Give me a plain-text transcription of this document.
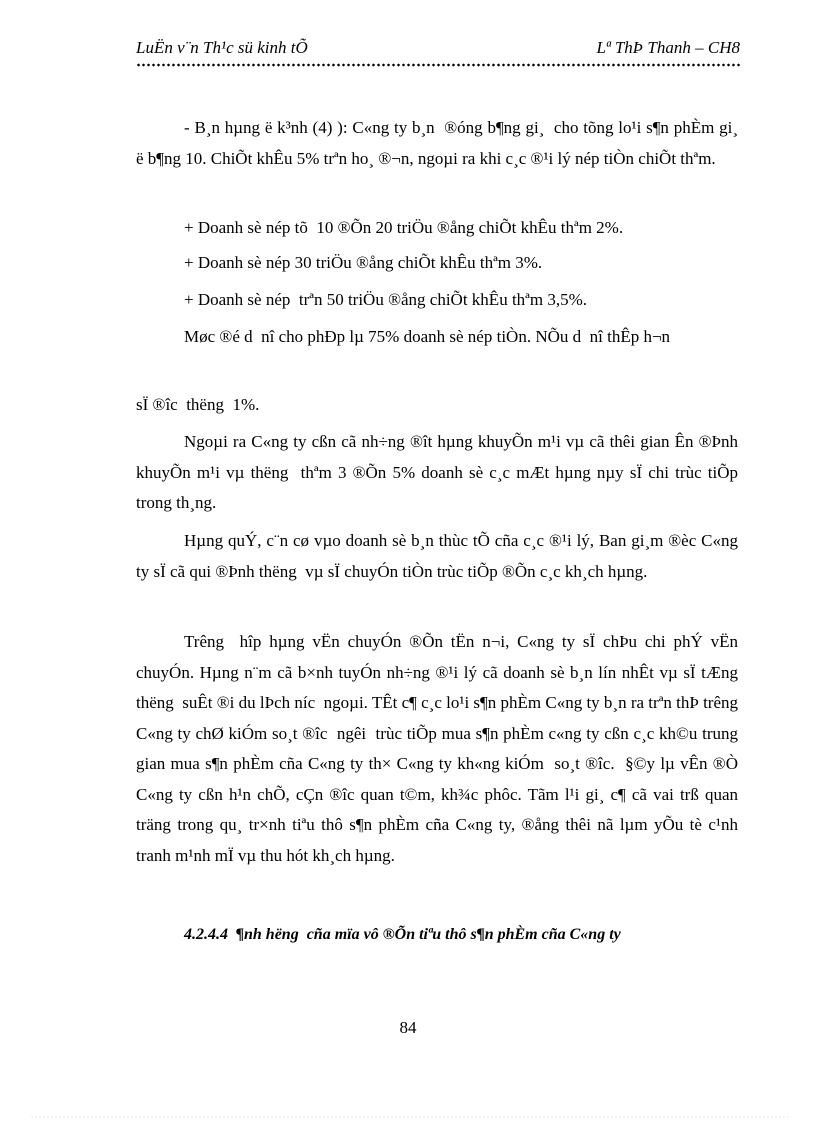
LuËn v¨n Th¹c sü kinh tÕ	Lª ThÞ Thanh – CH8

- B¸n hµng ë k³nh (4) ): C«ng ty b¸n  ®óng b¶ng gi¸  cho tõng lo¹i s¶n phÈm gi¸ ë b¶ng 10. ChiÕt khÊu 5% trªn ho¸ ®¬n, ngoµi ra khi c¸c ®¹i lý nép tiÒn chiÕt thªm.

+ Doanh sè nép tõ  10 ®Õn 20 triÖu ®ång chiÕt khÊu thªm 2%.

+ Doanh sè nép 30 triÖu ®ång chiÕt khÊu thªm 3%.

+ Doanh sè nép  trªn 50 triÖu ®ång chiÕt khÊu thªm 3,5%.

Møc ®é d  nî cho phÐp lµ 75% doanh sè nép tiÒn. NÕu d  nî thÊp h¬n

sÏ ®îc  thëng  1%.

Ngoµi ra C«ng ty cßn cã nh÷ng ®ît hµng khuyÕn m¹i vµ cã thêi gian Ên ®Þnh khuyÕn m¹i vµ thëng  thªm 3 ®Õn 5% doanh sè c¸c mÆt hµng nµy sÏ chi trùc tiÕp trong th¸ng.

Hµng quÝ, c¨n cø vµo doanh sè b¸n thùc tÕ cña c¸c ®¹i lý, Ban gi¸m ®èc C«ng ty sÏ cã qui ®Þnh thëng  vµ sÏ chuyÓn tiÒn trùc tiÕp ®Õn c¸c kh¸ch hµng.

Trêng  hîp hµng vËn chuyÓn ®Õn tËn n¬i, C«ng ty sÏ chÞu chi phÝ vËn chuyÓn. Hµng n¨m cã b×nh tuyÓn nh÷ng ®¹i lý cã doanh sè b¸n lín nhÊt vµ sÏ tÆng thëng  suÊt ®i du lÞch níc  ngoµi. TÊt c¶ c¸c lo¹i s¶n phÈm C«ng ty b¸n ra trªn thÞ trêng  C«ng ty chØ kiÓm so¸t ®îc  ngêi  trùc tiÕp mua s¶n phÈm c«ng ty cßn c¸c kh©u trung gian mua s¶n phÈm cña C«ng ty th× C«ng ty kh«ng kiÓm  so¸t ®îc.  §©y lµ vÊn ®Ò C«ng ty cßn h¹n chÕ, cÇn ®îc quan t©m, kh¾c phôc. Tãm l¹i gi¸ c¶ cã vai trß quan träng trong qu¸ tr×nh tiªu thô s¶n phÈm cña C«ng ty, ®ång thêi nã lµm yÕu tè c¹nh tranh m¹nh mÏ vµ thu hót kh¸ch hµng.

4.2.4.4  ¶nh hëng  cña mïa vô ®Õn tiªu thô s¶n phÈm cña C«ng ty
84
